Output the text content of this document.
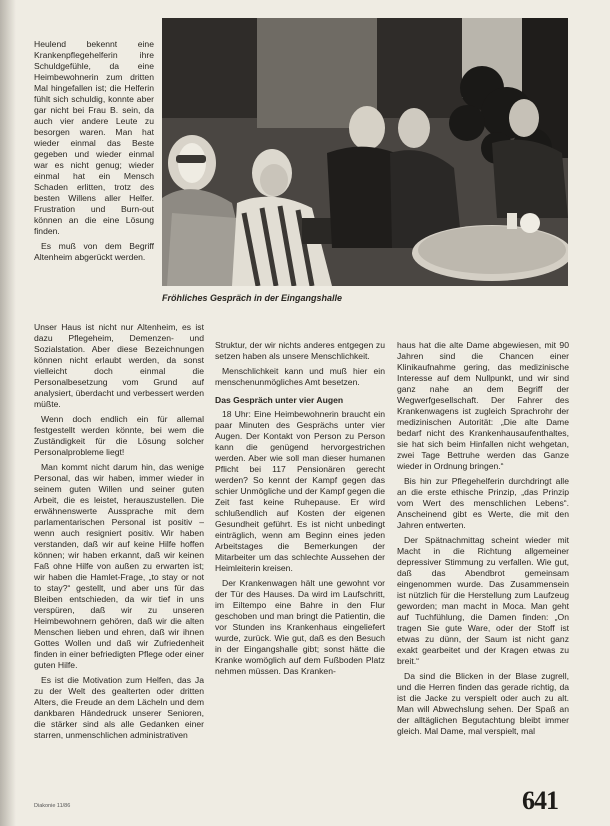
Fröhliches Gespräch in der Eingangshalle

Heulend bekennt eine Krankenpflegehelferin ihre Schuldgefühle, da eine Heimbewohnerin zum dritten Mal hingefallen ist; die Helferin fühlt sich schuldig, konnte aber gar nicht bei Frau B. sein, da auch vier andere Leute zu besorgen waren. Man hat wieder einmal das Beste gegeben und wieder einmal war es nicht genug; wieder einmal hat ein Mensch Schaden erlitten, trotz des besten Willens aller Helfer. Frustration und Burn-out können an die eine Lösung finden.

Es muß von dem Begriff Altenheim abgerückt werden.

Unser Haus ist nicht nur Altenheim, es ist dazu Pflegeheim, Demenzen- und Sozialstation. Aber diese Bezeichnungen können nicht erlaubt werden, da sonst vielleicht doch einmal die Personalbesetzung vom Grund auf analysiert, überdacht und verbessert werden müßte.

Wenn doch endlich ein für allemal festgestellt werden könnte, bei wem die Zuständigkeit für die Lösung solcher Personalprobleme liegt!

Man kommt nicht darum hin, das wenige Personal, das wir haben, immer wieder in seinem guten Willen und seiner guten Arbeit, die es leistet, herauszustellen. Die erwähnenswerte Aussprache mit dem parlamentarischen Personal ist positiv – wenn auch resigniert positiv. Wir haben verstanden, daß wir auf keine Hilfe hoffen können; wir haben erkannt, daß wir keinen Faß ohne Hilfe von außen zu erwarten ist; wir haben die Hamlet-Frage, „to stay or not to stay?“ gestellt, und aber uns für das Bleiben entschieden, da wir tief in uns verspüren, daß wir zu unseren Heimbewohnern gehören, daß wir die alten Menschen lieben und ehren, daß wir ihnen Gottes Wollen und daß wir Zufriedenheit finden in einer befriedigten Pflege oder einer guten Hilfe.

Es ist die Motivation zum Helfen, das Ja zu der Welt des gealterten oder dritten Alters, die Freude an dem Lächeln und dem dankbaren Händedruck unserer Senioren, die stärker sind als alle Gedanken einer starren, unmenschlichen administrativen

Struktur, der wir nichts anderes entgegen zu setzen haben als unsere Menschlichkeit.

Menschlichkeit kann und muß hier ein menschenunmögliches Amt besetzen.

Das Gespräch unter vier Augen

18 Uhr: Eine Heimbewohnerin braucht ein paar Minuten des Gesprächs unter vier Augen. Der Kontakt von Person zu Person kann die genügend hervorgestrichen werden. Aber wie soll man dieser humanen Pflicht bei 117 Pensionären gerecht werden? So kennt der Kampf gegen das schier Unmögliche und der Kampf gegen die Zeit fast keine Ruhepause. Er wird schlußendlich auf Kosten der eigenen Gesundheit geführt. Es ist nicht unbedingt einträglich, wenn am Beginn eines jeden Arbeitstages die Bemerkungen der Mitarbeiter um das schlechte Aussehen der Heimleiterin kreisen.

Der Krankenwagen hält une gewohnt vor der Tür des Hauses. Da wird im Laufschritt, im Eiltempo eine Bahre in den Flur geschoben und man bringt die Patientin, die vor Stunden ins Krankenhaus eingeliefert wurde, zurück. Wie gut, daß es den Besuch in der Eingangshalle gibt; sonst hätte die Kranke womöglich auf dem Fußboden Platz nehmen müssen. Das Kranken-

haus hat die alte Dame abgewiesen, mit 90 Jahren sind die Chancen einer Klinikaufnahme gering, das medizinische Interesse auf dem Nullpunkt, und wir sind ganz nahe an dem Begriff der Wegwerfgesellschaft. Der Fahrer des Krankenwagens ist zugleich Sprachrohr der medizinischen Autorität: „Die alte Dame bedarf nicht des Krankenhausaufenthaltes, sie hat sich beim Hinfallen nicht wehgetan, zwei Tage Bettruhe werden das Ganze wieder in Ordnung bringen.“

Bis hin zur Pflegehelferin durchdringt alle an die erste ethische Prinzip, „das Prinzip vom Wert des menschlichen Lebens“. Anscheinend gibt es Werte, die mit den Jahren entwerten.

Der Spätnachmittag scheint wieder mit Macht in die Richtung allgemeiner depressiver Stimmung zu verfallen. Wie gut, daß das Abendbrot gemeinsam eingenommen wurde. Das Zusammensein ist nützlich für die Herstellung zum Laufzeug geworden; man macht in Moca. Man geht auf Tuchfühlung, die Damen finden: „On tragen Sie gute Ware, oder der Stoff ist etwas zu dünn, der Saum ist nicht ganz exakt gearbeitet und der Kragen etwas zu breit.“

Da sind die Blicken in der Blase zugrell, und die Herren finden das gerade richtig, da ist die Jacke zu verspielt oder auch zu alt. Man will Abwechslung sehen. Der Spaß an der alltäglichen Begutachtung bleibt immer gleich. Mal Dame, mal verspielt, mal

641
Diakonie 11/86
